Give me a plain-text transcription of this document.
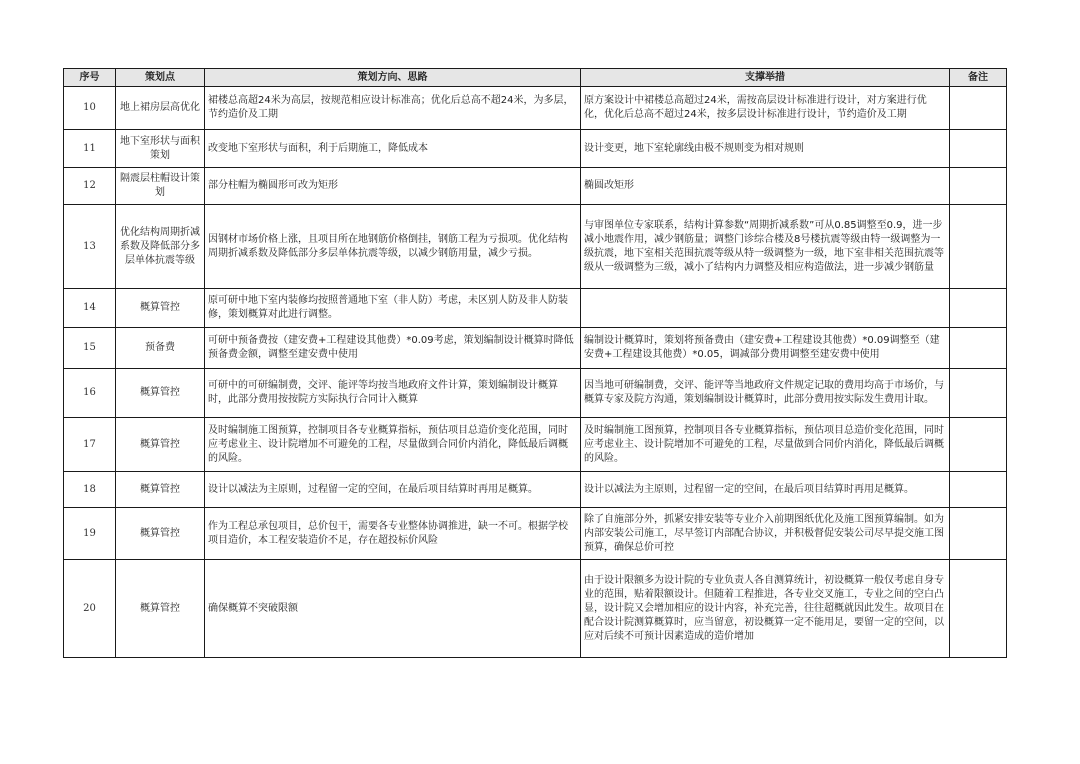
序号	策划点	策划方向、思路	支撑举措	备注
10	地上裙房层高优化	裙楼总高超24米为高层，按规范相应设计标准高；优化后总高不超24米，为多层，节约造价及工期	原方案设计中裙楼总高超过24米，需按高层设计标准进行设计，对方案进行优化，优化后总高不超过24米，按多层设计标准进行设计，节约造价及工期	
11	地下室形状与面积策划	改变地下室形状与面积，利于后期施工，降低成本	设计变更，地下室轮廓线由极不规则变为相对规则	
12	隔震层柱帽设计策划	部分柱帽为椭圆形可改为矩形	椭圆改矩形	
13	优化结构周期折减系数及降低部分多层单体抗震等级	因钢材市场价格上涨，且项目所在地钢筋价格倒挂，钢筋工程为亏损项。优化结构周期折减系数及降低部分多层单体抗震等级，以减少钢筋用量，减少亏损。	与审图单位专家联系，结构计算参数“周期折减系数”可从0.85调整至0.9，进一步减小地震作用，减少钢筋量；调整门诊综合楼及8号楼抗震等级由特一级调整为一级抗震，地下室相关范围抗震等级从特一级调整为一级，地下室非相关范围抗震等级从一级调整为三级，减小了结构内力调整及相应构造做法，进一步减少钢筋量	
14	概算管控	原可研中地下室内装修均按照普通地下室（非人防）考虑，未区别人防及非人防装修，策划概算对此进行调整。		
15	预备费	可研中预备费按（建安费+工程建设其他费）*0.09考虑，策划编制设计概算时降低预备费金额，调整至建安费中使用	编制设计概算时，策划将预备费由（建安费+工程建设其他费）*0.09调整至（建安费+工程建设其他费）*0.05，调减部分费用调整至建安费中使用	
16	概算管控	可研中的可研编制费，交评、能评等均按当地政府文件计算，策划编制设计概算时，此部分费用按按院方实际执行合同计入概算	因当地可研编制费，交评、能评等当地政府文件规定记取的费用均高于市场价，与概算专家及院方沟通，策划编制设计概算时，此部分费用按实际发生费用计取。	
17	概算管控	及时编制施工图预算，控制项目各专业概算指标，预估项目总造价变化范围，同时应考虑业主、设计院增加不可避免的工程，尽量做到合同价内消化，降低最后调概的风险。	及时编制施工图预算，控制项目各专业概算指标，预估项目总造价变化范围，同时应考虑业主、设计院增加不可避免的工程，尽量做到合同价内消化，降低最后调概的风险。	
18	概算管控	设计以减法为主原则，过程留一定的空间，在最后项目结算时再用足概算。	设计以减法为主原则，过程留一定的空间，在最后项目结算时再用足概算。	
19	概算管控	作为工程总承包项目，总价包干，需要各专业整体协调推进，缺一不可。根据学校项目造价，本工程安装造价不足，存在超投标价风险	除了自施部分外，抓紧安排安装等专业介入前期图纸优化及施工图预算编制。如为内部安装公司施工，尽早签订内部配合协议，并积极督促安装公司尽早提交施工图预算，确保总价可控	
20	概算管控	确保概算不突破限额	由于设计限额多为设计院的专业负责人各自测算统计，初设概算一般仅考虑自身专业的范围，贴着限额设计。但随着工程推进，各专业交叉施工，专业之间的空白凸显，设计院又会增加相应的设计内容，补充完善，往往超概就因此发生。故项目在配合设计院测算概算时，应当留意，初设概算一定不能用足，要留一定的空间，以应对后续不可预计因素造成的造价增加	
